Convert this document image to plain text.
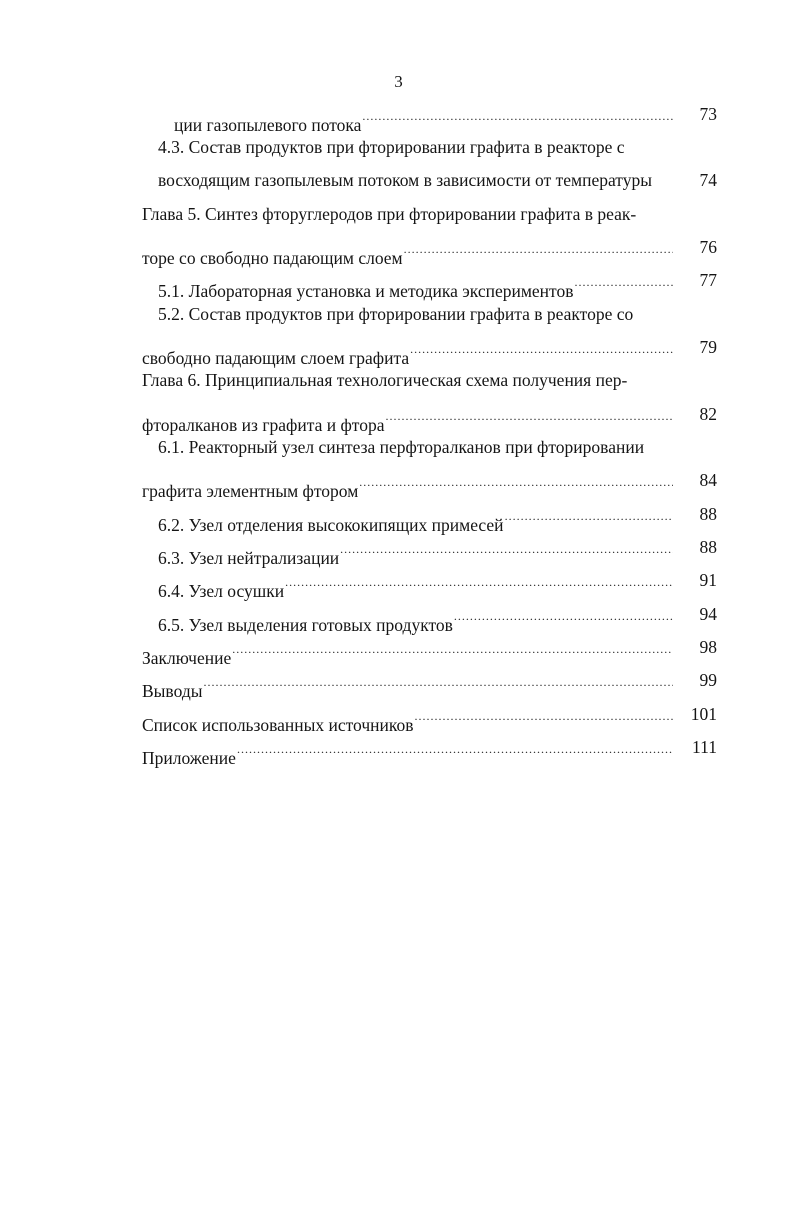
3
ции газопылевого потока
.....
73
4.3. Состав продуктов при фторировании графита в реакторе с
восходящим газопылевым потоком в зависимости от температуры	74
Глава 5. Синтез фторуглеродов при фторировании графита в реак-
торе со свободно падающим слоем
.....
76
5.1. Лабораторная установка и методика экспериментов
.....
77
5.2. Состав продуктов при фторировании графита в реакторе со
свободно падающим слоем графита
.....
79
Глава 6. Принципиальная технологическая схема получения пер-
фторалканов из графита и фтора
.....
82
6.1. Реакторный узел синтеза перфторалканов при фторировании
графита элементным фтором
.....
84
6.2. Узел отделения высококипящих примесей
.....
88
6.3. Узел нейтрализации
.....
88
6.4. Узел осушки
.....
91
6.5. Узел выделения готовых продуктов
.....
94
Заключение
.....
98
Выводы
.....
99
Список использованных источников
.....
101
Приложение
.....
111
